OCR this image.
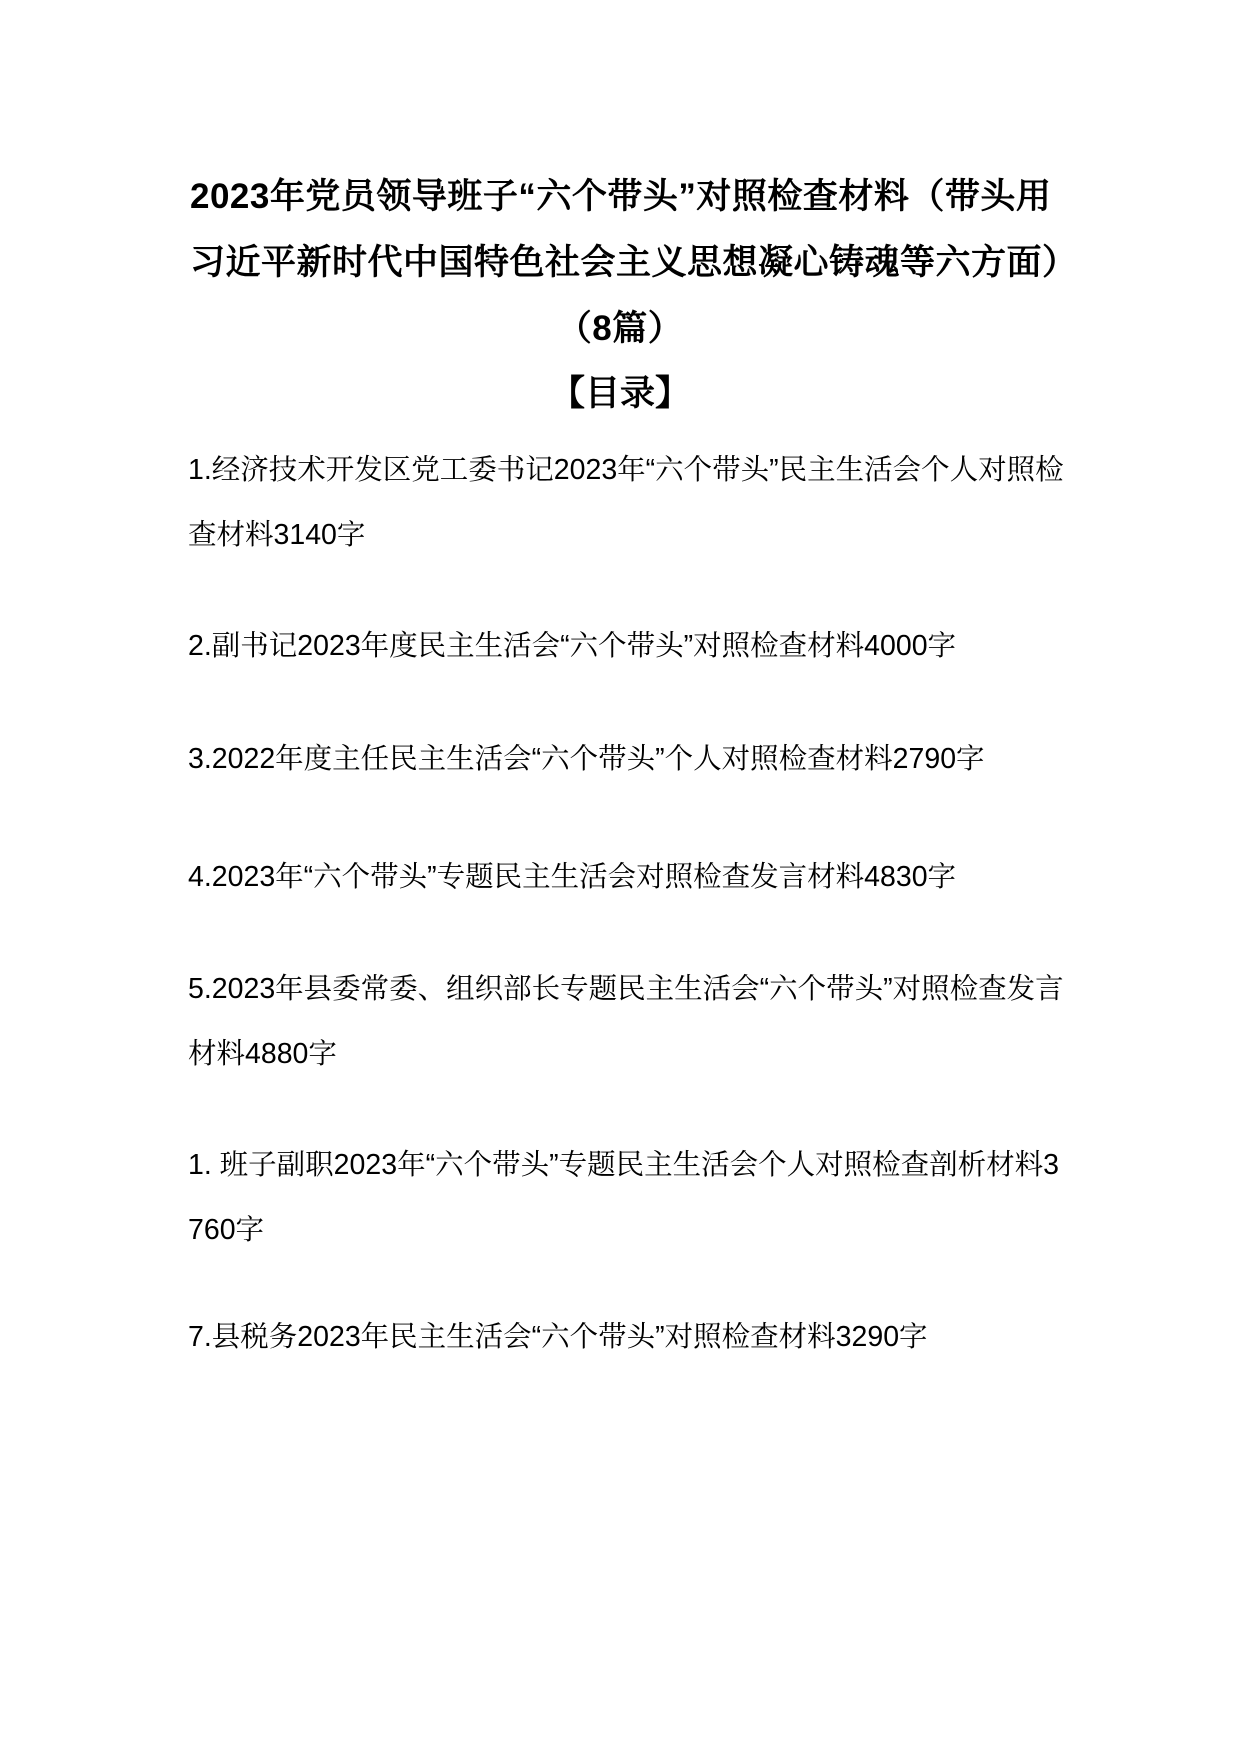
2023年党员领导班子“六个带头”对照检查材料（带头用
习近平新时代中国特色社会主义思想凝心铸魂等六方面）
（8篇）
【目录】
1.经济技术开发区党工委书记2023年“六个带头”民主生活会个人对照检查材料3140字
2.副书记2023年度民主生活会“六个带头”对照检查材料4000字
3.2022年度主任民主生活会“六个带头”个人对照检查材料2790字
4.2023年“六个带头”专题民主生活会对照检查发言材料4830字
5.2023年县委常委、组织部长专题民主生活会“六个带头”对照检查发言材料4880字
1. 班子副职2023年“六个带头”专题民主生活会个人对照检查剖析材料3760字
7.县税务2023年民主生活会“六个带头”对照检查材料3290字
